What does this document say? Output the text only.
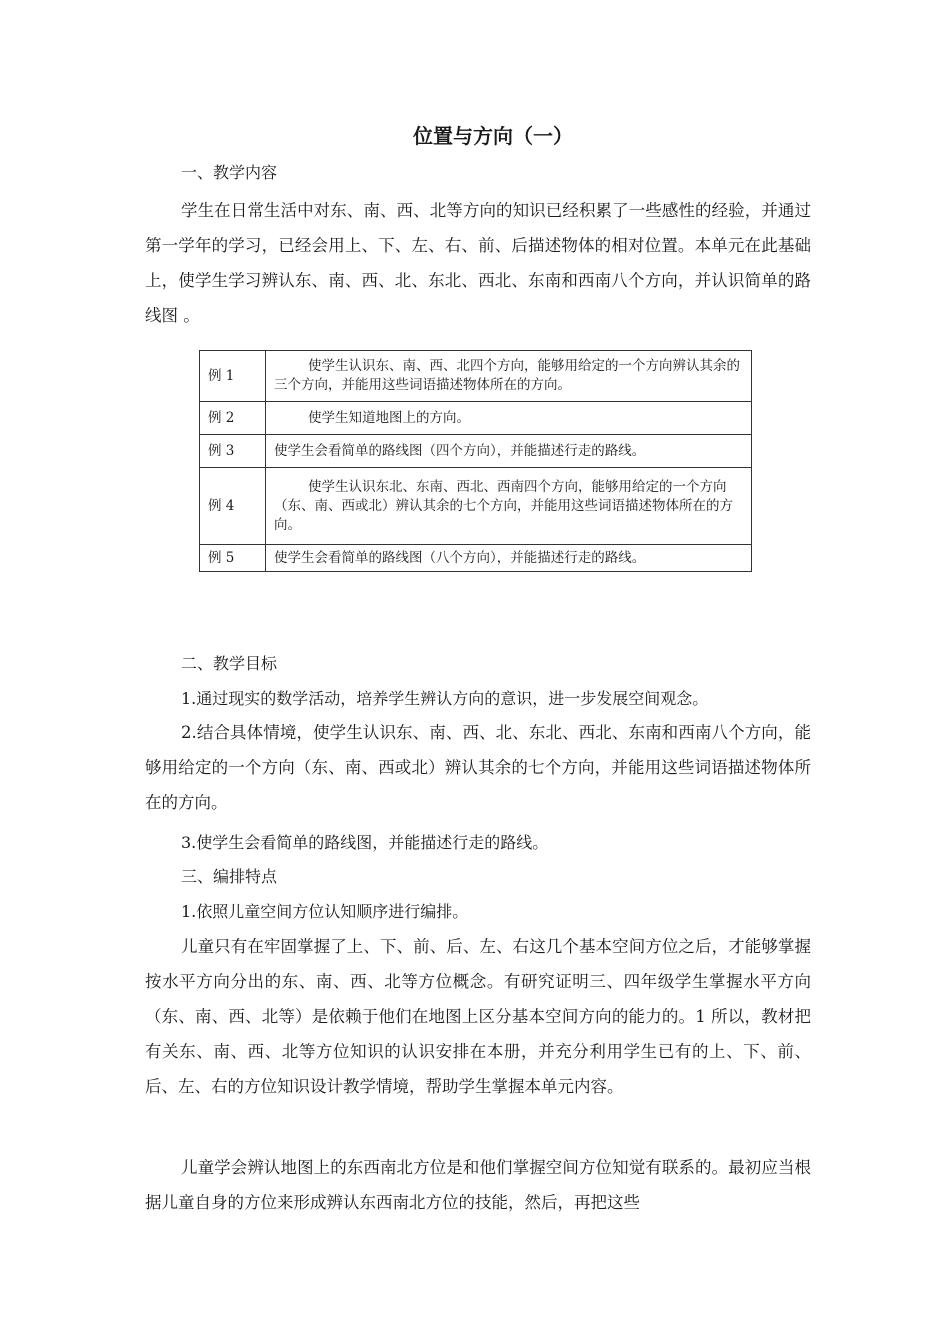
位置与方向（一）
一、教学内容

学生在日常生活中对东、南、西、北等方向的知识已经积累了一些感性的经验，并通过第一学年的学习，已经会用上、下、左、右、前、后描述物体的相对位置。本单元在此基础上，使学生学习辨认东、南、西、北、东北、西北、东南和西南八个方向，并认识简单的路线图 。

例 1	使学生认识东、南、西、北四个方向，能够用给定的一个方向辨认其余的三个方向，并能用这些词语描述物体所在的方向。
例 2	使学生知道地图上的方向。
例 3	使学生会看简单的路线图（四个方向），并能描述行走的路线。
例 4	使学生认识东北、东南、西北、西南四个方向，能够用给定的一个方向（东、南、西或北）辨认其余的七个方向，并能用这些词语描述物体所在的方向。
例 5	使学生会看简单的路线图（八个方向），并能描述行走的路线。
二、教学目标
1.通过现实的数学活动，培养学生辨认方向的意识，进一步发展空间观念。

2.结合具体情境，使学生认识东、南、西、北、东北、西北、东南和西南八个方向，能够用给定的一个方向（东、南、西或北）辨认其余的七个方向，并能用这些词语描述物体所在的方向。

3.使学生会看简单的路线图，并能描述行走的路线。
三、编排特点
1.依照儿童空间方位认知顺序进行编排。

儿童只有在牢固掌握了上、下、前、后、左、右这几个基本空间方位之后，才能够掌握按水平方向分出的东、南、西、北等方位概念。有研究证明三、四年级学生掌握水平方向（东、南、西、北等）是依赖于他们在地图上区分基本空间方向的能力的。1 所以，教材把有关东、南、西、北等方位知识的认识安排在本册，并充分利用学生已有的上、下、前、后、左、右的方位知识设计教学情境，帮助学生掌握本单元内容。

儿童学会辨认地图上的东西南北方位是和他们掌握空间方位知觉有联系的。最初应当根据儿童自身的方位来形成辨认东西南北方位的技能，然后，再把这些
